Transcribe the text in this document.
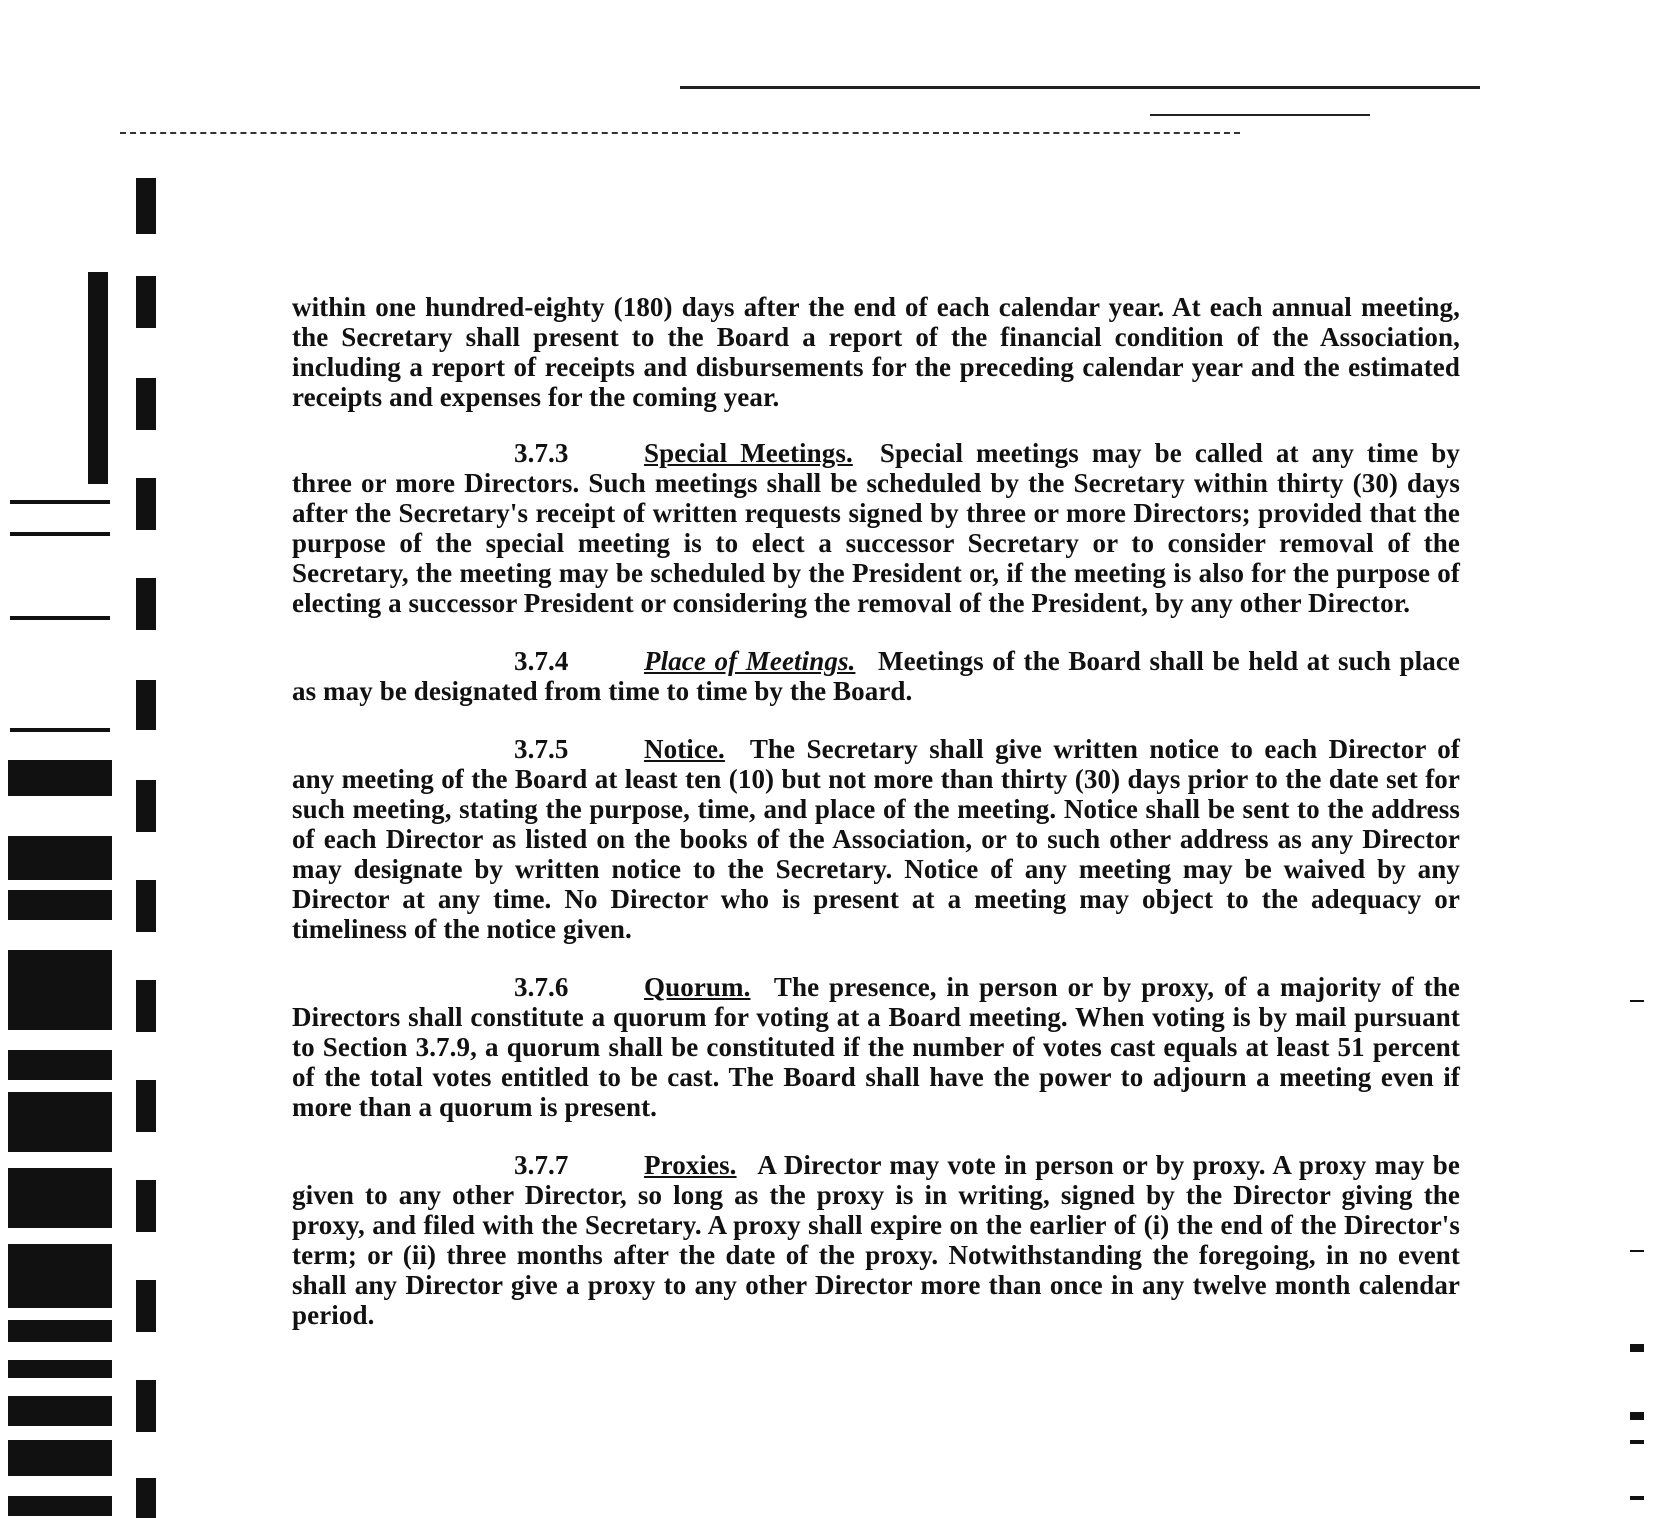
within one hundred-eighty (180) days after the end of each calendar year. At each annual meeting, the Secretary shall present to the Board a report of the financial condition of the Association, including a report of receipts and disbursements for the preceding calendar year and the estimated receipts and expenses for the coming year.

3.7.3	Special Meetings. Special meetings may be called at any time by three or more Directors. Such meetings shall be scheduled by the Secretary within thirty (30) days after the Secretary's receipt of written requests signed by three or more Directors; provided that the purpose of the special meeting is to elect a successor Secretary or to consider removal of the Secretary, the meeting may be scheduled by the President or, if the meeting is also for the purpose of electing a successor President or considering the removal of the President, by any other Director.

3.7.4	Place of Meetings. Meetings of the Board shall be held at such place as may be designated from time to time by the Board.

3.7.5	Notice. The Secretary shall give written notice to each Director of any meeting of the Board at least ten (10) but not more than thirty (30) days prior to the date set for such meeting, stating the purpose, time, and place of the meeting. Notice shall be sent to the address of each Director as listed on the books of the Association, or to such other address as any Director may designate by written notice to the Secretary. Notice of any meeting may be waived by any Director at any time. No Director who is present at a meeting may object to the adequacy or timeliness of the notice given.

3.7.6	Quorum. The presence, in person or by proxy, of a majority of the Directors shall constitute a quorum for voting at a Board meeting. When voting is by mail pursuant to Section 3.7.9, a quorum shall be constituted if the number of votes cast equals at least 51 percent of the total votes entitled to be cast. The Board shall have the power to adjourn a meeting even if more than a quorum is present.

3.7.7	Proxies. A Director may vote in person or by proxy. A proxy may be given to any other Director, so long as the proxy is in writing, signed by the Director giving the proxy, and filed with the Secretary. A proxy shall expire on the earlier of (i) the end of the Director's term; or (ii) three months after the date of the proxy. Notwithstanding the foregoing, in no event shall any Director give a proxy to any other Director more than once in any twelve month calendar period.
